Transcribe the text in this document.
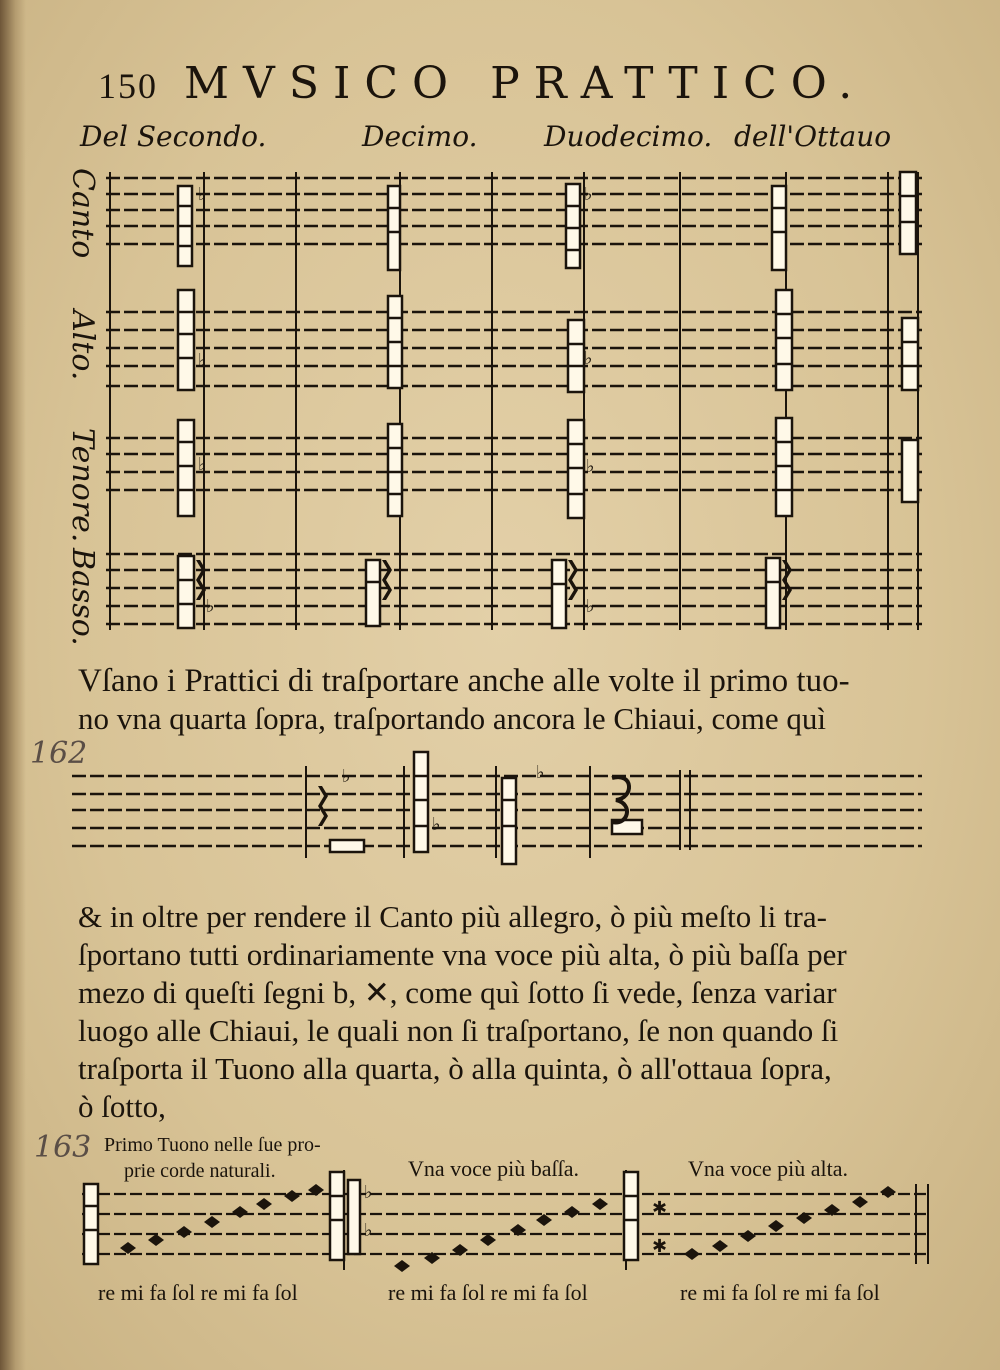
150 MVSICO PRATTICO.
Del Secondo.	Decimo. Duodecimo. dell'Ottauo
Canto
Alto.
Tenore.
Basso.
♭	♭
♭	♭
♭	♭
♭	♭
Vſano i Prattici di traſportare anche alle volte il primo tuo-
no vna quarta ſopra, traſportando ancora le Chiaui, come quì
162
♭	♭
♭
& in oltre per rendere il Canto più allegro, ò più meſto li tra-
ſportano tutti ordinariamente vna voce più alta, ò più baſſa per
mezo di queſti ſegni b, ✕, come quì ſotto ſi vede, ſenza variar
luogo alle Chiaui, le quali non ſi traſportano, ſe non quando ſi
traſporta il Tuono alla quarta, ò alla quinta, ò all'ottaua ſopra,
ò ſotto,
163 Primo Tuono nelle ſue pro-
prie corde naturali.	Vna voce più baſſa.	Vna voce più alta.
♭
♭
✱
✱
re mi fa ſol re mi fa ſol	re mi fa ſol re mi fa ſol	re mi fa ſol re mi fa ſol
